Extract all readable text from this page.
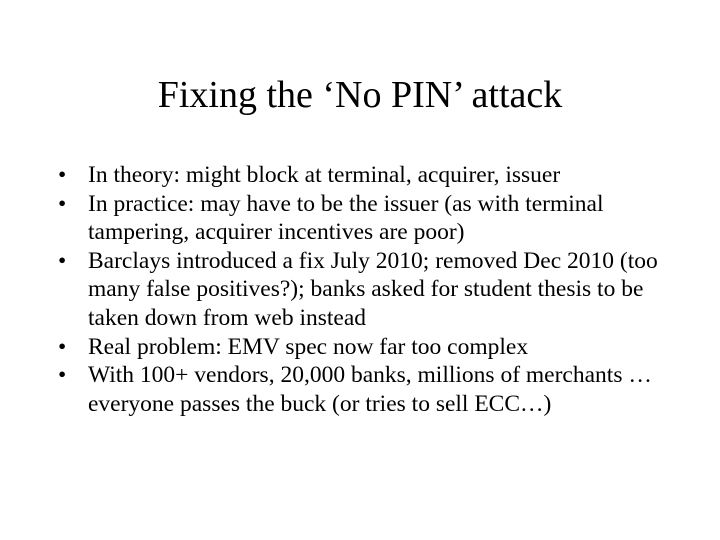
Fixing the ‘No PIN’ attack
• In theory: might block at terminal, acquirer, issuer
• In practice: may have to be the issuer (as with terminal tampering, acquirer incentives are poor)
• Barclays introduced a fix July 2010; removed Dec 2010 (too many false positives?); banks asked for student thesis to be taken down from web instead
• Real problem: EMV spec now far too complex
• With 100+ vendors, 20,000 banks, millions of merchants … everyone passes the buck (or tries to sell ECC…)
